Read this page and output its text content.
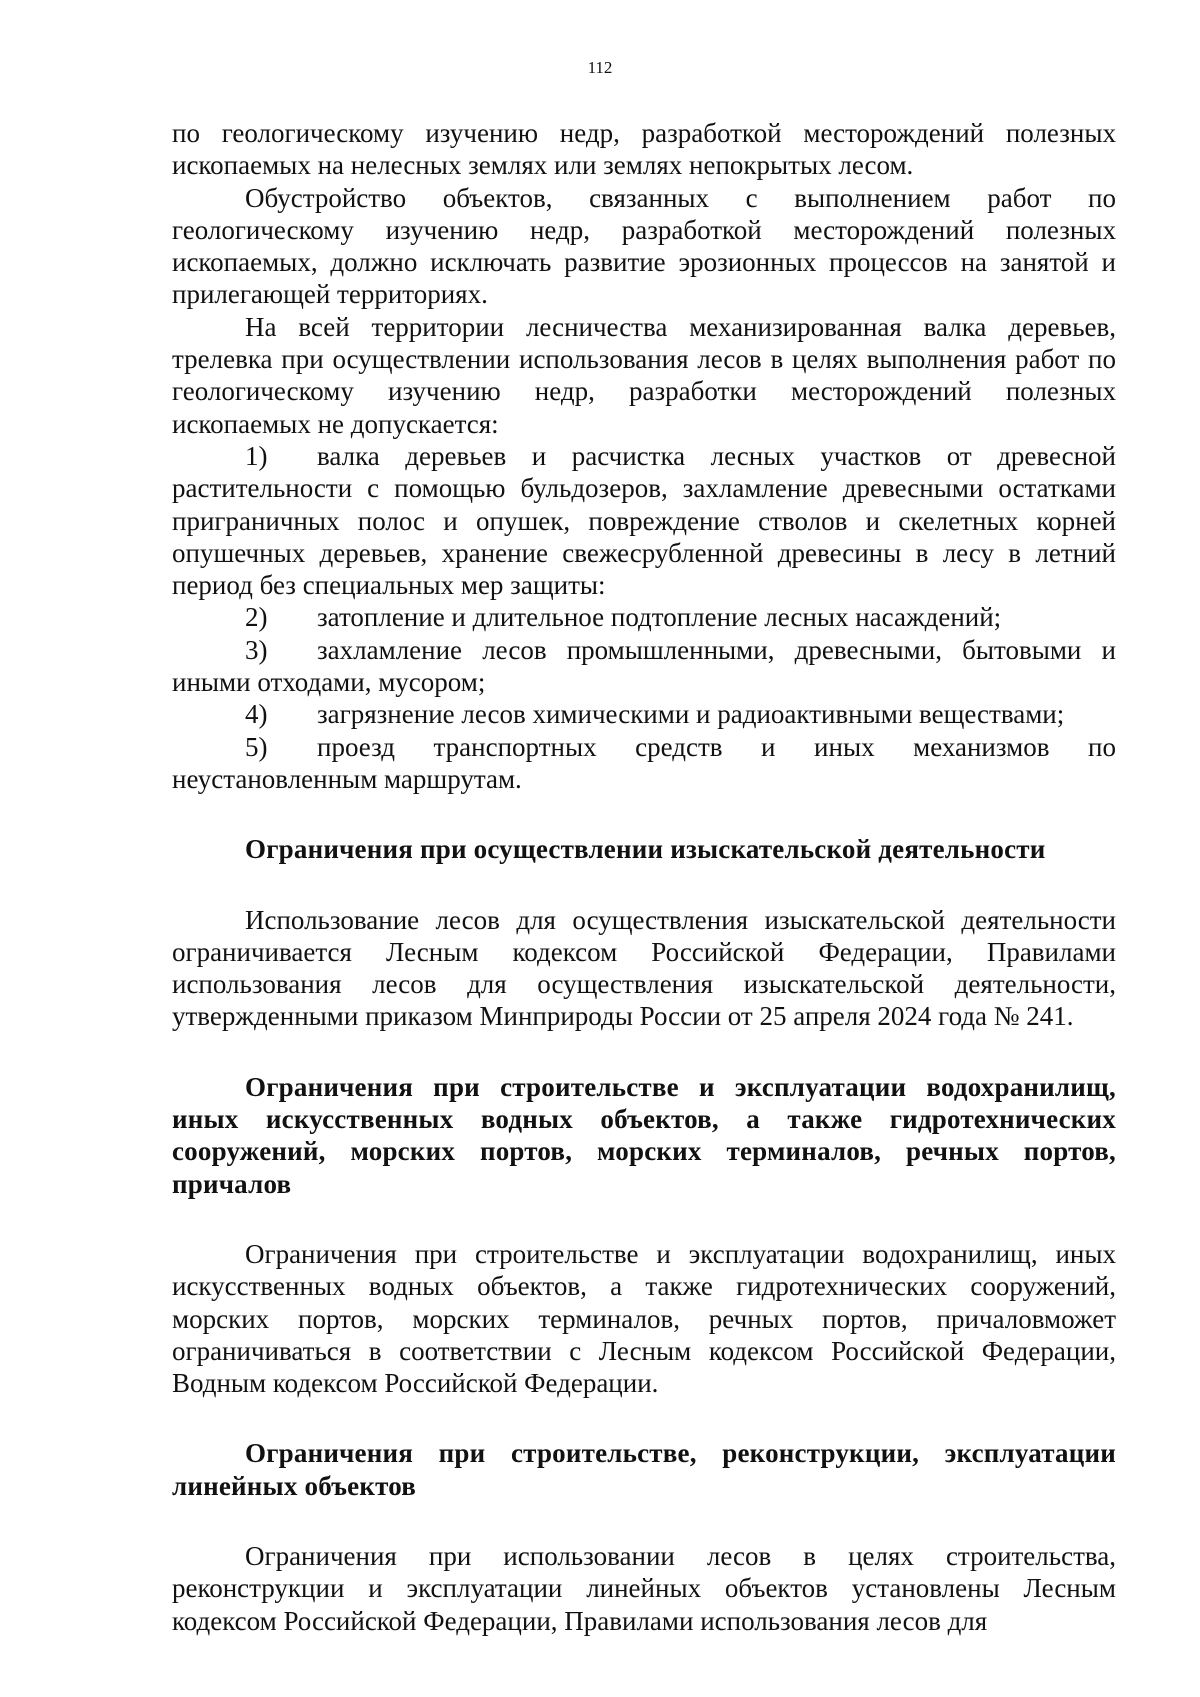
112

по геологическому изучению недр, разработкой месторождений полезных ископаемых на нелесных землях или землях непокрытых лесом.

Обустройство объектов, связанных с выполнением работ по геологическому изучению недр, разработкой месторождений полезных ископаемых, должно исключать развитие эрозионных процессов на занятой и прилегающей территориях.

На всей территории лесничества механизированная валка деревьев, трелевка при осуществлении использования лесов в целях выполнения работ по геологическому изучению недр, разработки месторождений полезных ископаемых не допускается:

1) валка деревьев и расчистка лесных участков от древесной растительности с помощью бульдозеров, захламление древесными остатками приграничных полос и опушек, повреждение стволов и скелетных корней опушечных деревьев, хранение свежесрубленной древесины в лесу в летний период без специальных мер защиты:

2) затопление и длительное подтопление лесных насаждений;

3) захламление лесов промышленными, древесными, бытовыми и иными отходами, мусором;

4) загрязнение лесов химическими и радиоактивными веществами;

5) проезд транспортных средств и иных механизмов по неустановленным маршрутам.

Ограничения при осуществлении изыскательской деятельности

Использование лесов для осуществления изыскательской деятельности ограничивается Лесным кодексом Российской Федерации, Правилами использования лесов для осуществления изыскательской деятельности, утвержденными приказом Минприроды России от 25 апреля 2024 года № 241.

Ограничения при строительстве и эксплуатации водохранилищ, иных искусственных водных объектов, а также гидротехнических сооружений, морских портов, морских терминалов, речных портов, причалов

Ограничения при строительстве и эксплуатации водохранилищ, иных искусственных водных объектов, а также гидротехнических сооружений, морских портов, морских терминалов, речных портов, причаловможет ограничиваться в соответствии с Лесным кодексом Российской Федерации, Водным кодексом Российской Федерации.

Ограничения при строительстве, реконструкции, эксплуатации линейных объектов

Ограничения при использовании лесов в целях строительства, реконструкции и эксплуатации линейных объектов установлены Лесным кодексом Российской Федерации, Правилами использования лесов для
